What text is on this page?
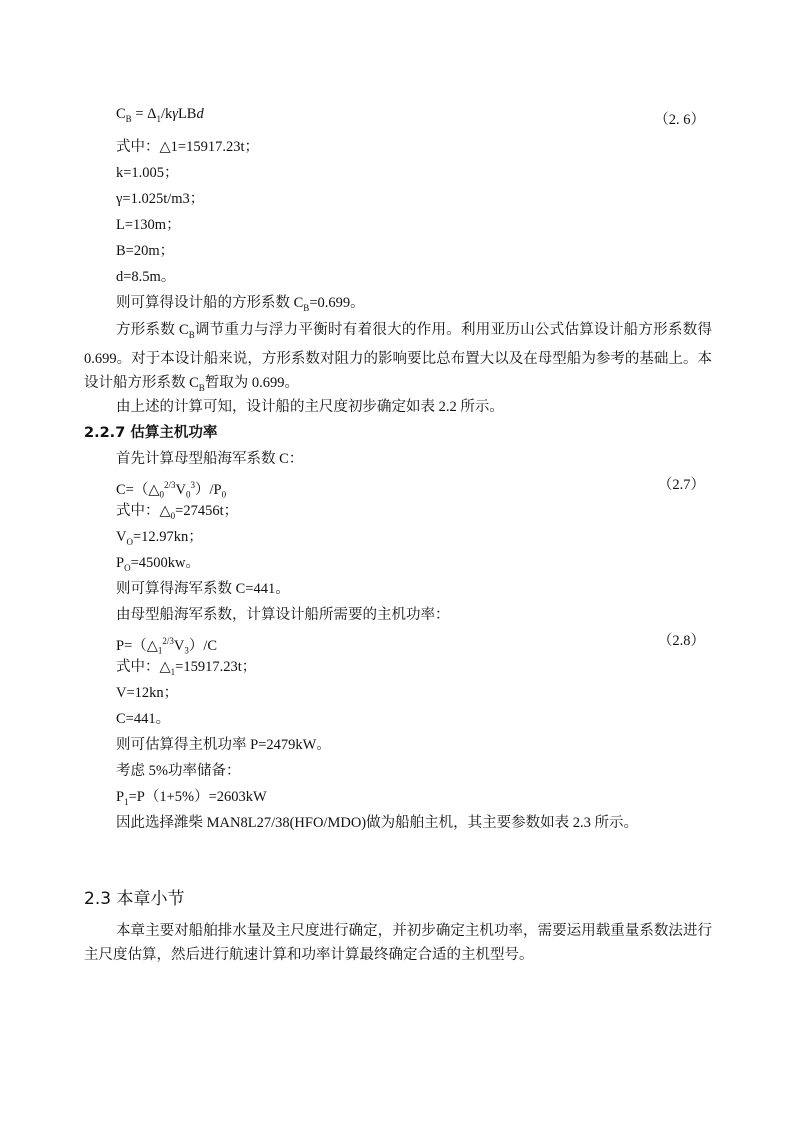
$C_B = \Delta_1/k\gamma LBd$	（2. 6）
式中：△1=15917.23t；
k=1.005；
γ=1.025t/m3；
L=130m；
B=20m；
d=8.5m。
则可算得设计船的方形系数 $C_B=0.699$。
方形系数 $C_B$调节重力与浮力平衡时有着很大的作用。利用亚历山公式估算设计船方形系数得 0.699。对于本设计船来说，方形系数对阻力的影响要比总布置大以及在母型船为参考的基础上。本设计船方形系数 $C_B$暂取为 0.699。
由上述的计算可知，设计船的主尺度初步确定如表 2.2 所示。
2.2.7 估算主机功率
首先计算母型船海军系数 C：
$C=(\triangle_0^{2/3}V_0^3)/P_0$
（2.7）
式中：$\triangle_0=27456t$；
$V_O=12.97kn$；
$P_O=4500kw$。
则可算得海军系数 C=441。
由母型船海军系数，计算设计船所需要的主机功率：
$P=(\triangle_1^{2/3}V_3)/C$	（2.8）
式中：$\triangle_1=15917.23t$；
V=12kn；
C=441。
则可估算得主机功率 P=2479kW。
考虑 5%功率储备：
$P_1=P(1+5\%)=2603kW$
因此选择潍柴 MAN8L27/38(HFO/MDO)做为船舶主机，其主要参数如表 2.3 所示。
2.3 本章小节
本章主要对船舶排水量及主尺度进行确定，并初步确定主机功率，需要运用载重量系数法进行主尺度估算，然后进行航速计算和功率计算最终确定合适的主机型号。
